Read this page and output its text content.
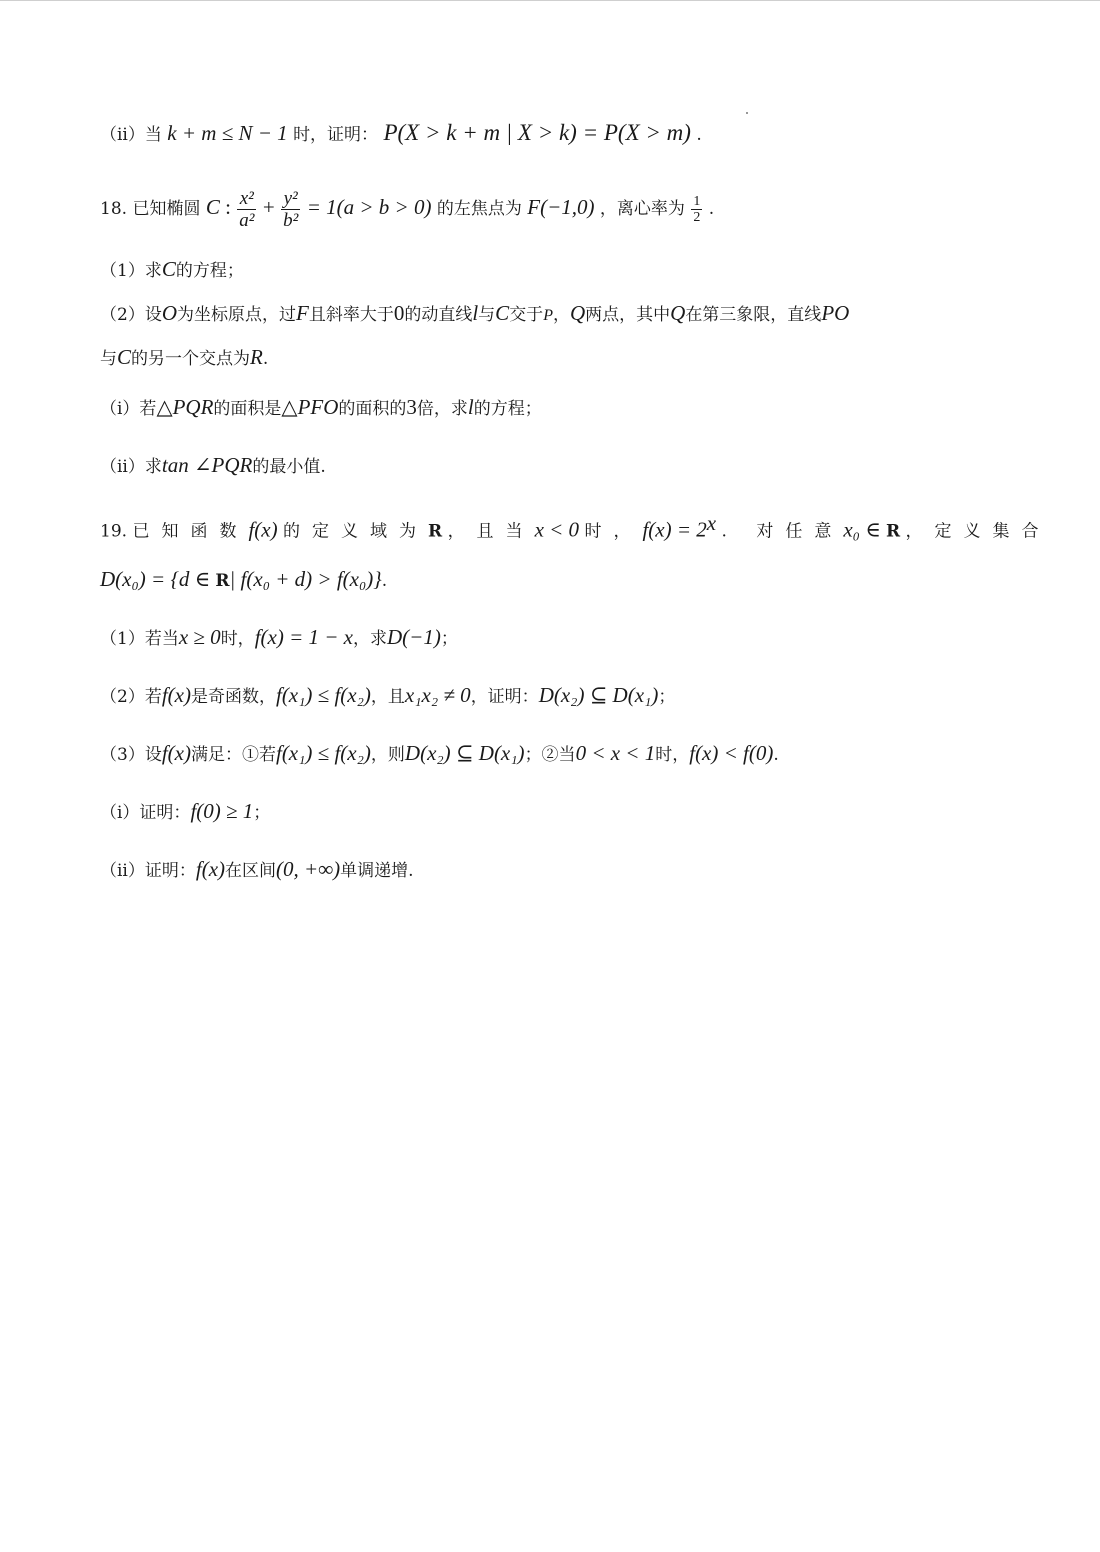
（ii）当 k + m ≤ N − 1 时，证明： P(X > k + m | X > k) = P(X > m) .
18. 已知椭圆 C : $\frac{\text{x²}}{\text{a²}} + \frac{\text{y²}}{\text{b²}} = 1(a > b > 0)$ 的左焦点为 F(−1,0) ，离心率为 $\frac{1}{2}$ .
（1）求C的方程；
（2）设O为坐标原点，过F且斜率大于0的动直线l与C交于P，Q两点，其中Q在第三象限，直线PO
与C的另一个交点为R.
（i）若△PQR的面积是△PFO的面积的3倍，求l的方程；
（ii）求tan ∠PQR的最小值.
19. 已知函数f(x) 的定义域为R ，且当x < 0 时，$f(x) = 2^x$ . 对任意x₀ ∈ R ，定义集合
D(x₀) = {d ∈ R| f(x₀ + d) > f(x₀)}.
（1）若当x ≥ 0时，f(x) = 1 − x，求D(−1)；
（2）若f(x)是奇函数，f(x₁) ≤ f(x₂)，且x₁x₂ ≠ 0，证明：D(x₂) ⊆ D(x₁)；
（3）设f(x)满足：①若f(x₁) ≤ f(x₂)，则D(x₂) ⊆ D(x₁)；②当0 < x < 1时，f(x) < f(0).
（i）证明：f(0) ≥ 1；
（ii）证明：f(x)在区间(0, +∞)单调递增.
